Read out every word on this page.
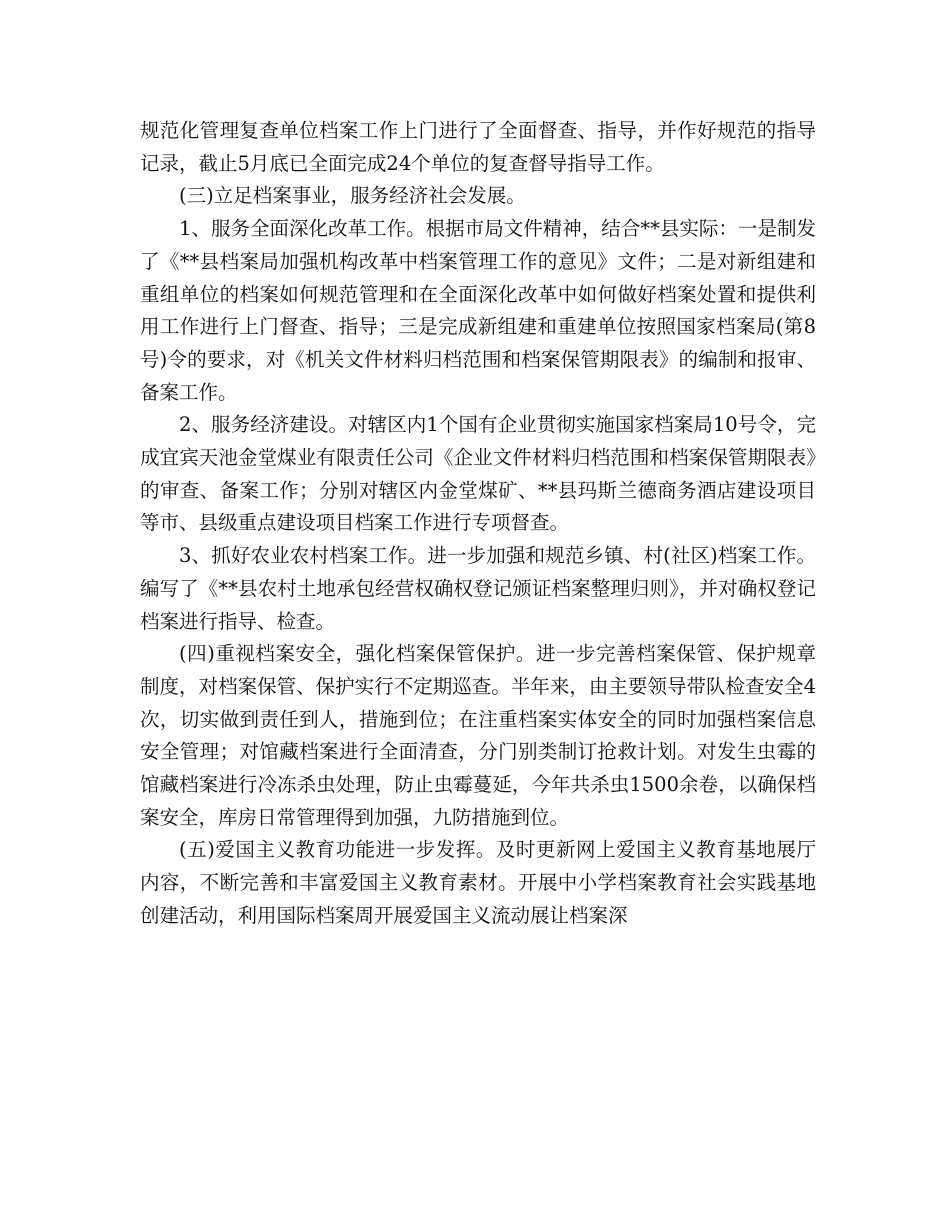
规范化管理复查单位档案工作上门进行了全面督查、指导，并作好规范的指导记录，截止5月底已全面完成24个单位的复查督导指导工作。

(三)立足档案事业，服务经济社会发展。

1、服务全面深化改革工作。根据市局文件精神，结合**县实际：一是制发了《**县档案局加强机构改革中档案管理工作的意见》文件；二是对新组建和重组单位的档案如何规范管理和在全面深化改革中如何做好档案处置和提供利用工作进行上门督查、指导；三是完成新组建和重建单位按照国家档案局(第8号)令的要求，对《机关文件材料归档范围和档案保管期限表》的编制和报审、备案工作。

2、服务经济建设。对辖区内1个国有企业贯彻实施国家档案局10号令，完成宜宾天池金堂煤业有限责任公司《企业文件材料归档范围和档案保管期限表》的审查、备案工作；分别对辖区内金堂煤矿、**县玛斯兰德商务酒店建设项目等市、县级重点建设项目档案工作进行专项督查。

3、抓好农业农村档案工作。进一步加强和规范乡镇、村(社区)档案工作。编写了《**县农村土地承包经营权确权登记颁证档案整理归则》，并对确权登记档案进行指导、检查。

(四)重视档案安全，强化档案保管保护。进一步完善档案保管、保护规章制度，对档案保管、保护实行不定期巡查。半年来，由主要领导带队检查安全4次，切实做到责任到人，措施到位；在注重档案实体安全的同时加强档案信息安全管理；对馆藏档案进行全面清查，分门别类制订抢救计划。对发生虫霉的馆藏档案进行冷冻杀虫处理，防止虫霉蔓延，今年共杀虫1500余卷，以确保档案安全，库房日常管理得到加强，九防措施到位。

(五)爱国主义教育功能进一步发挥。及时更新网上爱国主义教育基地展厅内容，不断完善和丰富爱国主义教育素材。开展中小学档案教育社会实践基地创建活动，利用国际档案周开展爱国主义流动展让档案深
